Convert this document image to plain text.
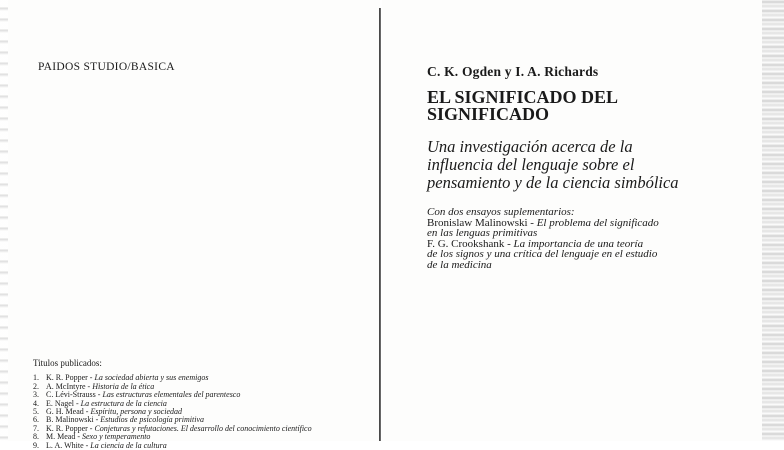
PAIDOS STUDIO/BASICA

Titulos publicados:
1. K. R. Popper - La sociedad abierta y sus enemigos
2. A. McIntyre - Historia de la ética
3. C. Lévi-Strauss - Las estructuras elementales del parentesco
4. E. Nagel - La estructura de la ciencia
5. G. H. Mead - Espíritu, persona y sociedad
6. B. Malinowski - Estudios de psicología primitiva
7. K. R. Popper - Conjeturas y refutaciones. El desarrollo del conocimiento científico
8. M. Mead - Sexo y temperamento
9. L. A. White - La ciencia de la cultura

C. K. Ogden y I. A. Richards

EL SIGNIFICADO DEL
SIGNIFICADO

Una investigación acerca de la
influencia del lenguaje sobre el
pensamiento y de la ciencia simbólica

Con dos ensayos suplementarios:
Bronislaw Malinowski - El problema del significado
en las lenguas primitivas
F. G. Crookshank - La importancia de una teoría
de los signos y una crítica del lenguaje en el estudio
de la medicina
